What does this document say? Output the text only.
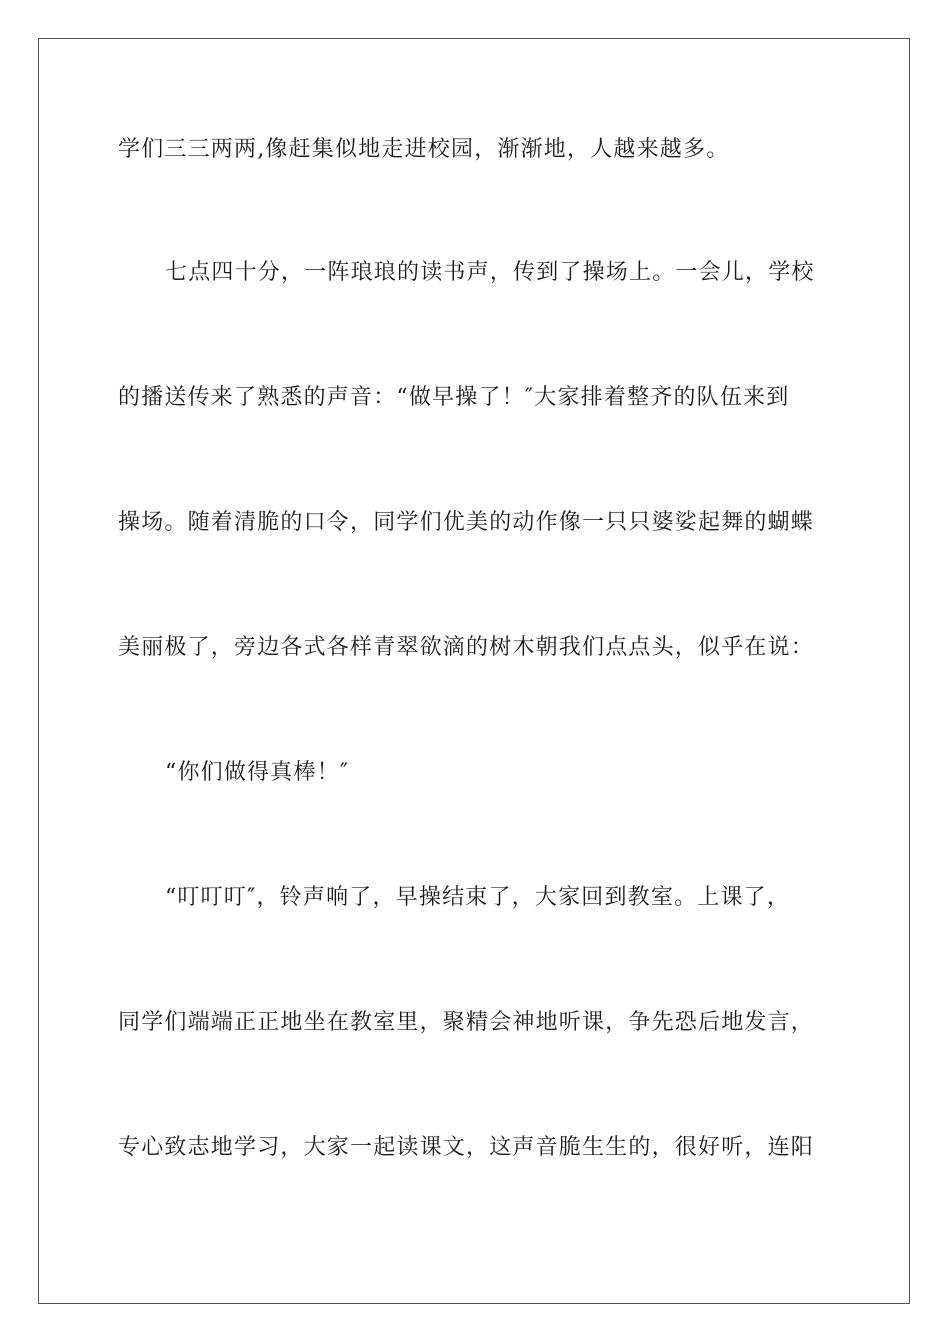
学们三三两两,像赶集似地走进校园，渐渐地，人越来越多。
七点四十分，一阵琅琅的读书声，传到了操场上。一会儿，学校
的播送传来了熟悉的声音：“做早操了！″大家排着整齐的队伍来到
操场。随着清脆的口令，同学们优美的动作像一只只婆娑起舞的蝴蝶
美丽极了，旁边各式各样青翠欲滴的树木朝我们点点头，似乎在说：
“你们做得真棒！″
“叮叮叮″，铃声响了，早操结束了，大家回到教室。上课了，
同学们端端正正地坐在教室里，聚精会神地听课，争先恐后地发言，
专心致志地学习，大家一起读课文，这声音脆生生的，很好听，连阳
